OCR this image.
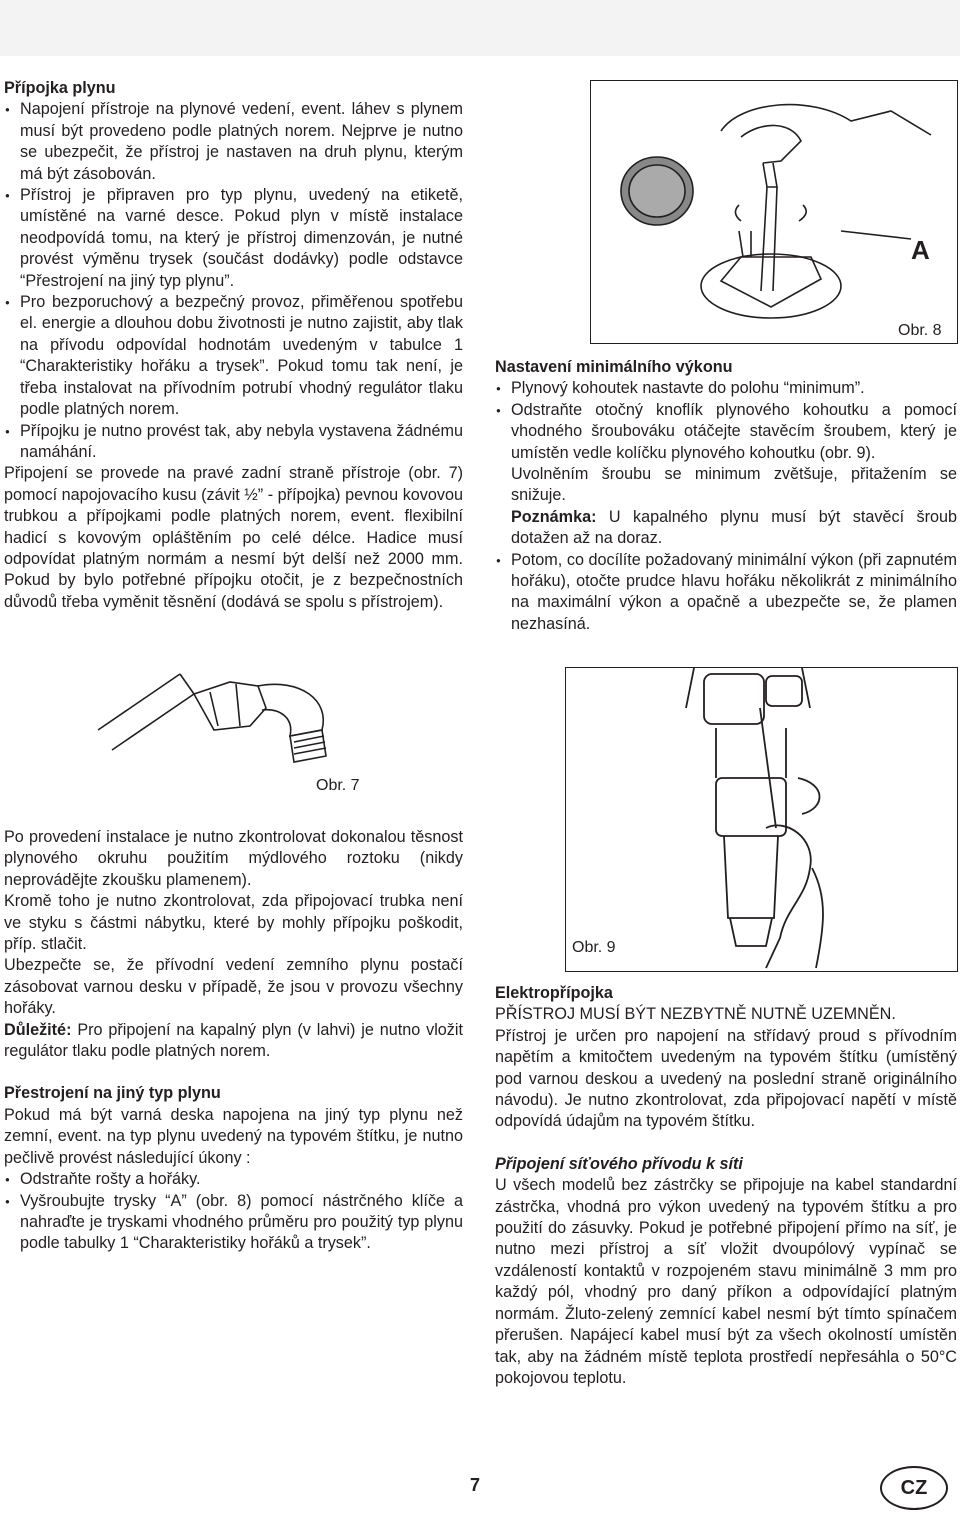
Přípojka plynu
● Napojení přístroje na plynové vedení, event. láhev s plynem musí být provedeno podle platných norem. Nejprve je nutno se ubezpečit, že přístroj je nastaven na druh plynu, kterým má být zásobován.
● Přístroj je připraven pro typ plynu, uvedený na etiketě, umístěné na varné desce. Pokud plyn v místě instalace neodpovídá tomu, na který je přístroj dimenzován, je nutné provést výměnu trysek (součást dodávky) podle odstavce “Přestrojení na jiný typ plynu”.
● Pro bezporuchový a bezpečný provoz, přiměřenou spotřebu el. energie a dlouhou dobu životnosti je nutno zajistit, aby tlak na přívodu odpovídal hodnotám uvedeným v tabulce 1 “Charakteristiky hořáku a trysek”. Pokud tomu tak není, je třeba instalovat na přívodním potrubí vhodný regulátor tlaku podle platných norem.
● Přípojku je nutno provést tak, aby nebyla vystavena žádnému namáhání.

Připojení se provede na pravé zadní straně přístroje (obr. 7) pomocí napojovacího kusu (závit ½” - přípojka) pevnou kovovou trubkou a přípojkami podle platných norem, event. flexibilní hadicí s kovovým opláštěním po celé délce. Hadice musí odpovídat platným normám a nesmí být delší než 2000 mm. Pokud by bylo potřebné přípojku otočit, je z bezpečnostních důvodů třeba vyměnit těsnění (dodává se spolu s přístrojem).

Obr. 7

Po provedení instalace je nutno zkontrolovat dokonalou těsnost plynového okruhu použitím mýdlového roztoku (nikdy neprovádějte zkoušku plamenem).

Kromě toho je nutno zkontrolovat, zda připojovací trubka není ve styku s částmi nábytku, které by mohly přípojku poškodit, příp. stlačit.

Ubezpečte se, že přívodní vedení zemního plynu postačí zásobovat varnou desku v případě, že jsou v provozu všechny hořáky.

Důležité: Pro připojení na kapalný plyn (v lahvi) je nutno vložit regulátor tlaku podle platných norem.

Přestrojení na jiný typ plynu

Pokud má být varná deska napojena na jiný typ plynu než zemní, event. na typ plynu uvedený na typovém štítku, je nutno pečlivě provést následující úkony :

● Odstraňte rošty a hořáky.
● Vyšroubujte trysky “A” (obr. 8) pomocí nástrčného klíče a nahraďte je tryskami vhodného průměru pro použitý typ plynu podle tabulky 1 “Charakteristiky hořáků a trysek”.
A
Obr. 8
Nastavení minimálního výkonu
● Plynový kohoutek nastavte do polohu “minimum”.
● Odstraňte otočný knoflík plynového kohoutku a pomocí vhodného šroubováku otáčejte stavěcím šroubem, který je umístěn vedle kolíčku plynového kohoutku (obr. 9).

Uvolněním šroubu se minimum zvětšuje, přitažením se snižuje.

Poznámka: U kapalného plynu musí být stavěcí šroub dotažen až na doraz.

● Potom, co docílíte požadovaný minimální výkon (při zapnutém hořáku), otočte prudce hlavu hořáku několikrát z minimálního na maximální výkon a opačně a ubezpečte se, že plamen nezhasíná.
Obr. 9
Elektropřípojka

PŘÍSTROJ MUSÍ BÝT NEZBYTNĚ NUTNĚ UZEMNĚN.

Přístroj je určen pro napojení na střídavý proud s přívodním napětím a kmitočtem uvedeným na typovém štítku (umístěný pod varnou deskou a uvedený na poslední straně originálního návodu). Je nutno zkontrolovat, zda připojovací napětí v místě odpovídá údajům na typovém štítku.

Připojení síťového přívodu k síti

U všech modelů bez zástrčky se připojuje na kabel standardní zástrčka, vhodná pro výkon uvedený na typovém štítku a pro použití do zásuvky. Pokud je potřebné připojení přímo na síť, je nutno mezi přístroj a síť vložit dvoupólový vypínač se vzdáleností kontaktů v rozpojeném stavu minimálně 3 mm pro každý pól, vhodný pro daný příkon a odpovídající platným normám. Žluto-zelený zemnící kabel nesmí být tímto spínačem přerušen. Napájecí kabel musí být za všech okolností umístěn tak, aby na žádném místě teplota prostředí nepřesáhla o 50°C pokojovou teplotu.

7	CZ
